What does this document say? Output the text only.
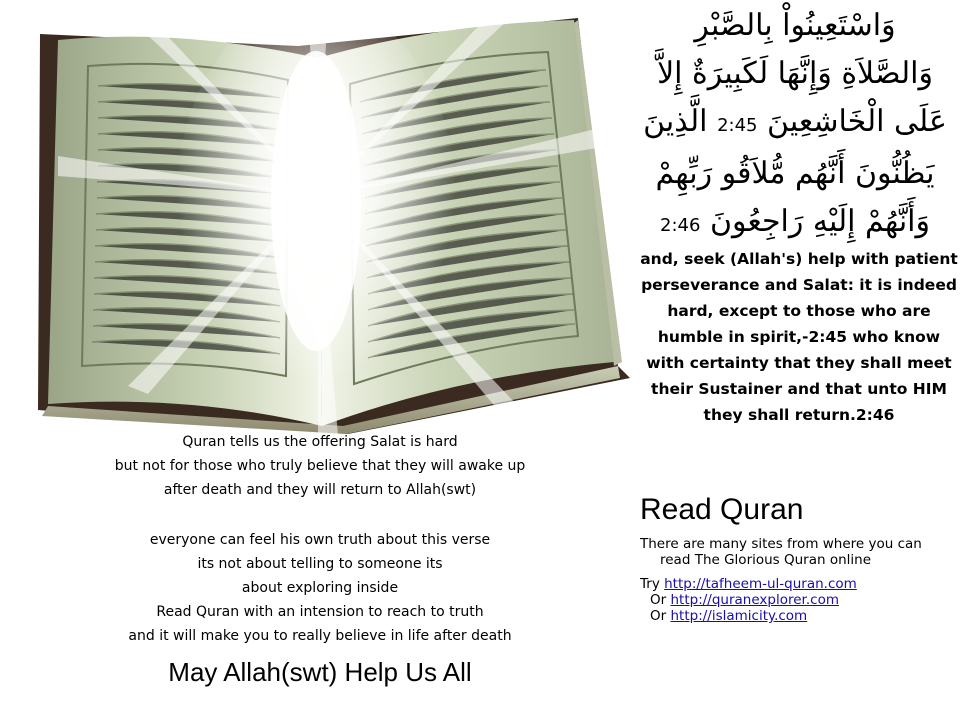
وَاسْتَعِينُواْ بِالصَّبْرِ
وَالصَّلاَةِ وَإِنَّهَا لَكَبِيرَةٌ إِلاَّ
عَلَى الْخَاشِعِينَ 2:45 الَّذِينَ
يَظُنُّونَ أَنَّهُم مُّلاَقُو رَبِّهِمْ
وَأَنَّهُمْ إِلَيْهِ رَاجِعُونَ 2:46
and, seek (Allah's) help with patient perseverance and Salat: it is indeed hard, except to those who are humble in spirit,-2:45 who know with certainty that they shall meet their Sustainer and that unto HIM they shall return.2:46
Quran tells us the offering Salat is hard
but not for those who truly believe that they will awake up
after death and they will return to Allah(swt)
everyone can feel his own truth about this verse
its not about telling to someone its
about exploring inside
Read Quran with an intension to reach to truth
and it will make you to really believe in life after death
May Allah(swt) Help Us All
Read Quran
There are many sites from where you can read The Glorious Quran online
Try http://tafheem-ul-quran.com
Or http://quranexplorer.com
Or http://islamicity.com
